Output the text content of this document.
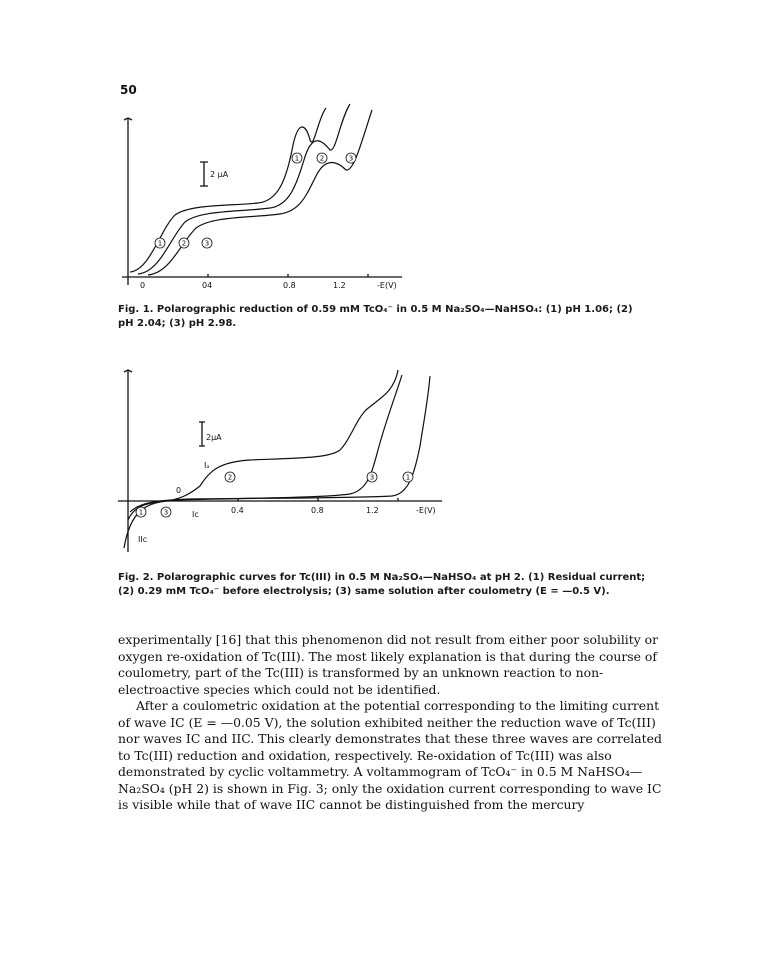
50
0	04	0.8	1.2	-E(V)
2 μA
1	2	3
1	2	3
Fig. 1. Polarographic reduction of 0.59 mM TcO₄⁻ in 0.5 M Na₂SO₄—NaHSO₄: (1) pH 1.06; (2) pH 2.04; (3) pH 2.98.
0.4	0.8	1.2	-E(V)
2μA
Iₐ
0
Ic
IIc
2	3	1
1	3
Fig. 2. Polarographic curves for Tc(III) in 0.5 M Na₂SO₄—NaHSO₄ at pH 2. (1) Residual current; (2) 0.29 mM TcO₄⁻ before electrolysis; (3) same solution after coulometry (E = —0.5 V).

experimentally [16] that this phenomenon did not result from either poor solubility or oxygen re-oxidation of Tc(III). The most likely explanation is that during the course of coulometry, part of the Tc(III) is transformed by an unknown reaction to non-electroactive species which could not be identified.

After a coulometric oxidation at the potential corresponding to the limiting current of wave IC (E = —0.05 V), the solution exhibited neither the reduction wave of Tc(III) nor waves IC and IIC. This clearly demonstrates that these three waves are correlated to Tc(III) reduction and oxidation, respectively. Re-oxidation of Tc(III) was also demonstrated by cyclic voltammetry. A voltammogram of TcO₄⁻ in 0.5 M NaHSO₄—Na₂SO₄ (pH 2) is shown in Fig. 3; only the oxidation current corresponding to wave IC is visible while that of wave IIC cannot be distinguished from the mercury
